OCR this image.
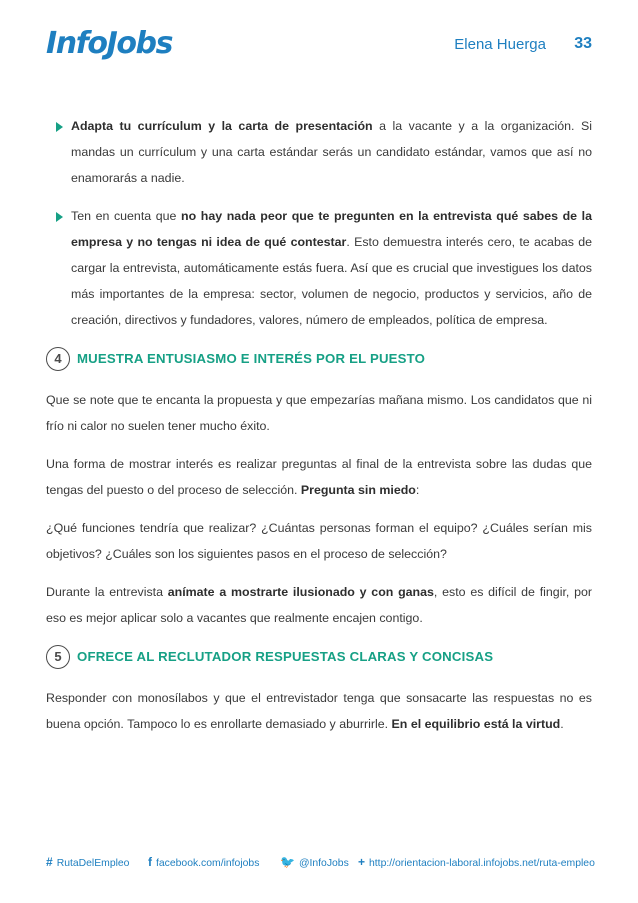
InfoJobs	Elena Huerga 33
Adapta tu currículum y la carta de presentación a la vacante y a la organización. Si mandas un currículum y una carta estándar serás un candidato estándar, vamos que así no enamorarás a nadie.
Ten en cuenta que no hay nada peor que te pregunten en la entrevista qué sabes de la empresa y no tengas ni idea de qué contestar. Esto demuestra interés cero, te acabas de cargar la entrevista, automáticamente estás fuera. Así que es crucial que investigues los datos más importantes de la empresa: sector, volumen de negocio, productos y servicios, año de creación, directivos y fundadores, valores, número de empleados, política de empresa.
4	MUESTRA ENTUSIASMO E INTERÉS POR EL PUESTO

Que se note que te encanta la propuesta y que empezarías mañana mismo. Los candidatos que ni frío ni calor no suelen tener mucho éxito.

Una forma de mostrar interés es realizar preguntas al final de la entrevista sobre las dudas que tengas del puesto o del proceso de selección. Pregunta sin miedo:

¿Qué funciones tendría que realizar? ¿Cuántas personas forman el equipo? ¿Cuáles serían mis objetivos? ¿Cuáles son los siguientes pasos en el proceso de selección?

Durante la entrevista anímate a mostrarte ilusionado y con ganas, esto es difícil de fingir, por eso es mejor aplicar solo a vacantes que realmente encajen contigo.

5	OFRECE AL RECLUTADOR RESPUESTAS CLARAS Y CONCISAS

Responder con monosílabos y que el entrevistador tenga que sonsacarte las respuestas no es buena opción. Tampoco lo es enrollarte demasiado y aburrirle. En el equilibrio está la virtud.

# RutaDelEmpleo f facebook.com/infojobs 🐦 @InfoJobs + http://orientacion-laboral.infojobs.net/ruta-empleo
